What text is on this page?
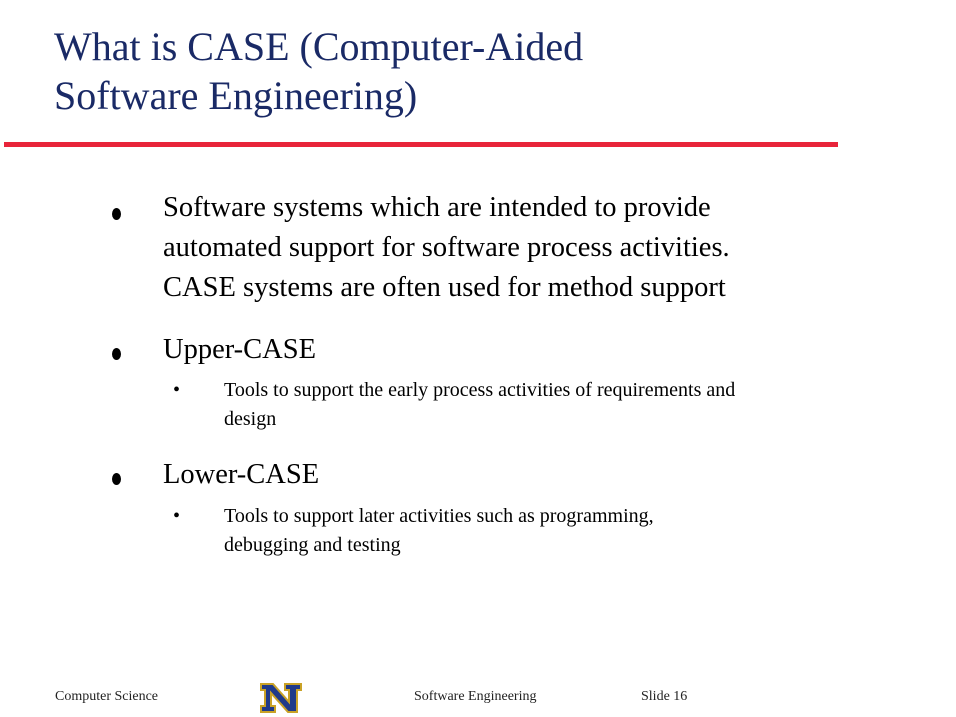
What is CASE (Computer-Aided
Software Engineering)
Software systems which are intended to provide
automated support for software process activities.
CASE systems are often used for method support
Upper-CASE
• Tools to support the early process activities of requirements and
design
Lower-CASE
• Tools to support later activities such as programming,
debugging and testing
Computer Science	Software Engineering	Slide 16
